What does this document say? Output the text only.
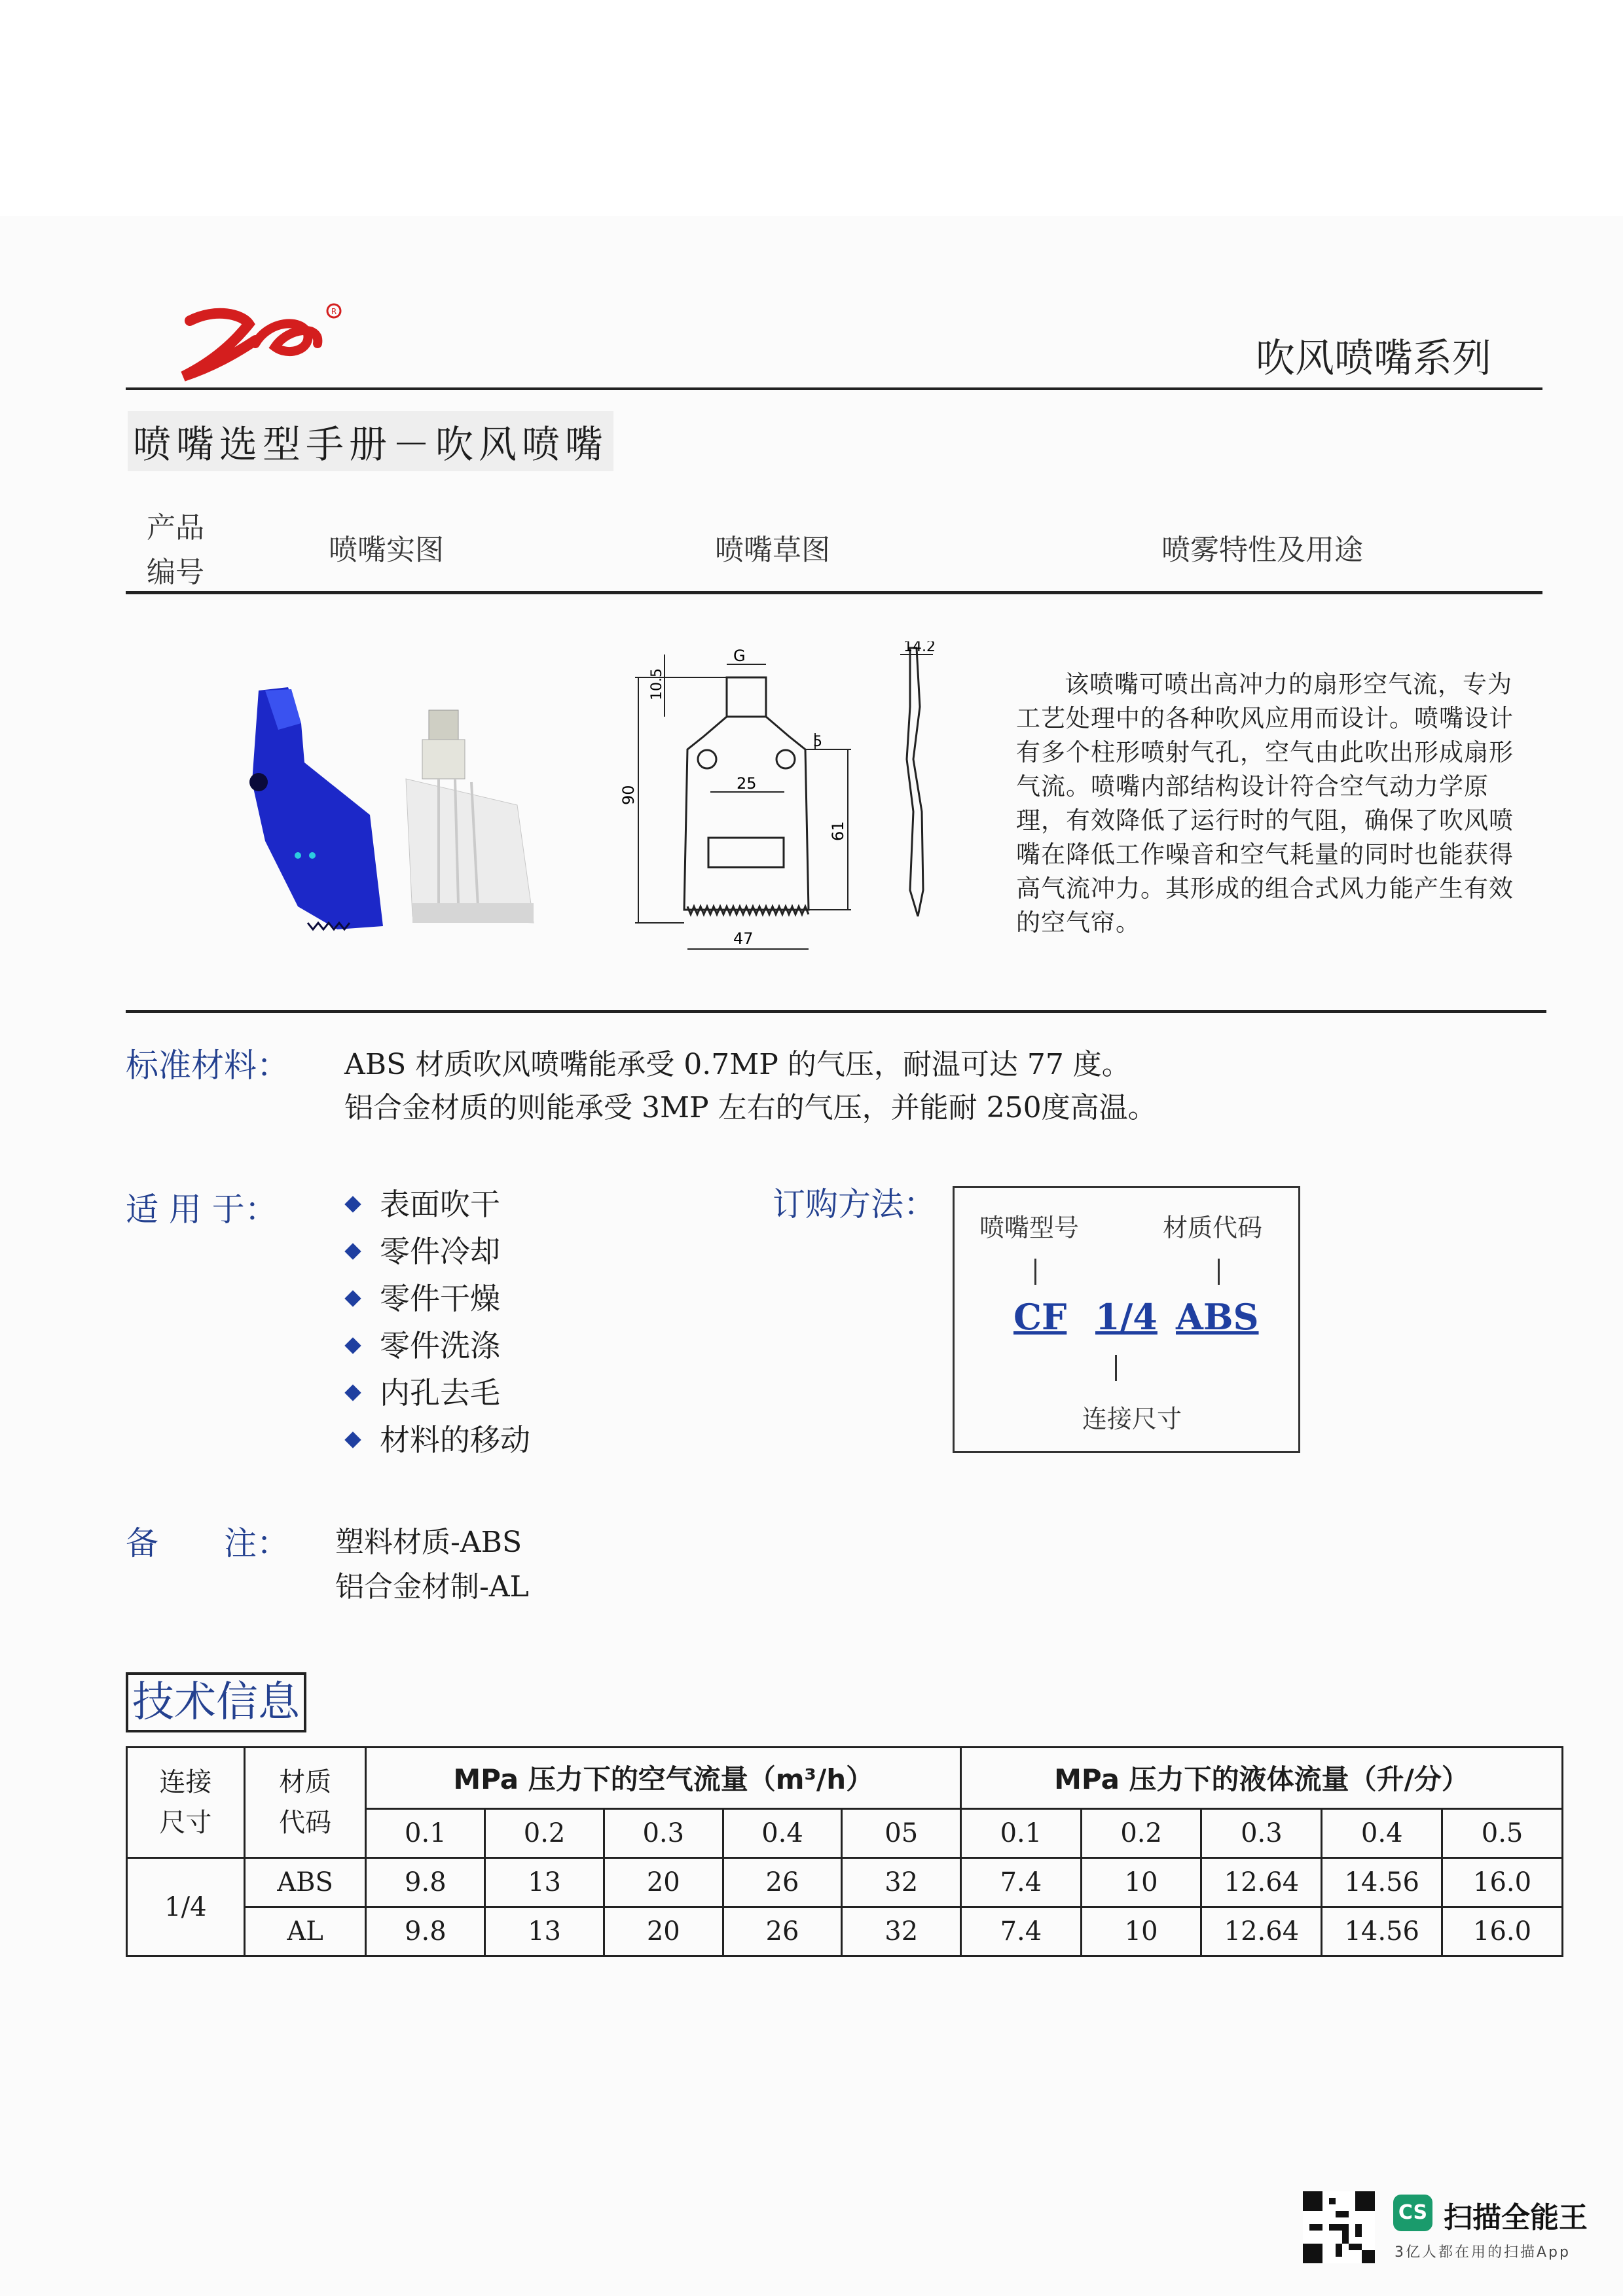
R
吹风喷嘴系列
喷嘴选型手册－吹风喷嘴
产品
编号
喷嘴实图	喷嘴草图	喷雾特性及用途
G	14.2
10.5
5
25
90
61
47
该喷嘴可喷出高冲力的扇形空气流，专为工艺处理中的各种吹风应用而设计。喷嘴设计有多个柱形喷射气孔，空气由此吹出形成扇形气流。喷嘴内部结构设计符合空气动力学原理，有效降低了运行时的气阻，确保了吹风喷嘴在降低工作噪音和空气耗量的同时也能获得高气流冲力。其形成的组合式风力能产生有效的空气帘。
标准材料： ABS 材质吹风喷嘴能承受 0.7MP 的气压，耐温可达 77 度。
铝合金材质的则能承受 3MP 左右的气压，并能耐 250度高温。
适 用 于：	表面吹干
零件冷却
零件干燥
零件洗涤
内孔去毛
材料的移动
订购方法：
喷嘴型号	材质代码
CF 1/4 ABS
连接尺寸
备　　注： 塑料材质-ABS
铝合金材制-AL
技术信息
连接
尺寸	材质
代码	MPa 压力下的空气流量（m³/h）					MPa 压力下的液体流量（升/分）				
		0.1	0.2	0.3	0.4	05	0.1	0.2	0.3	0.4	0.5
1/4	ABS	9.8	13	20	26	32	7.4	10	12.64	14.56	16.0
	AL	9.8	13	20	26	32	7.4	10	12.64	14.56	16.0
CS 扫描全能王
3亿人都在用的扫描App
